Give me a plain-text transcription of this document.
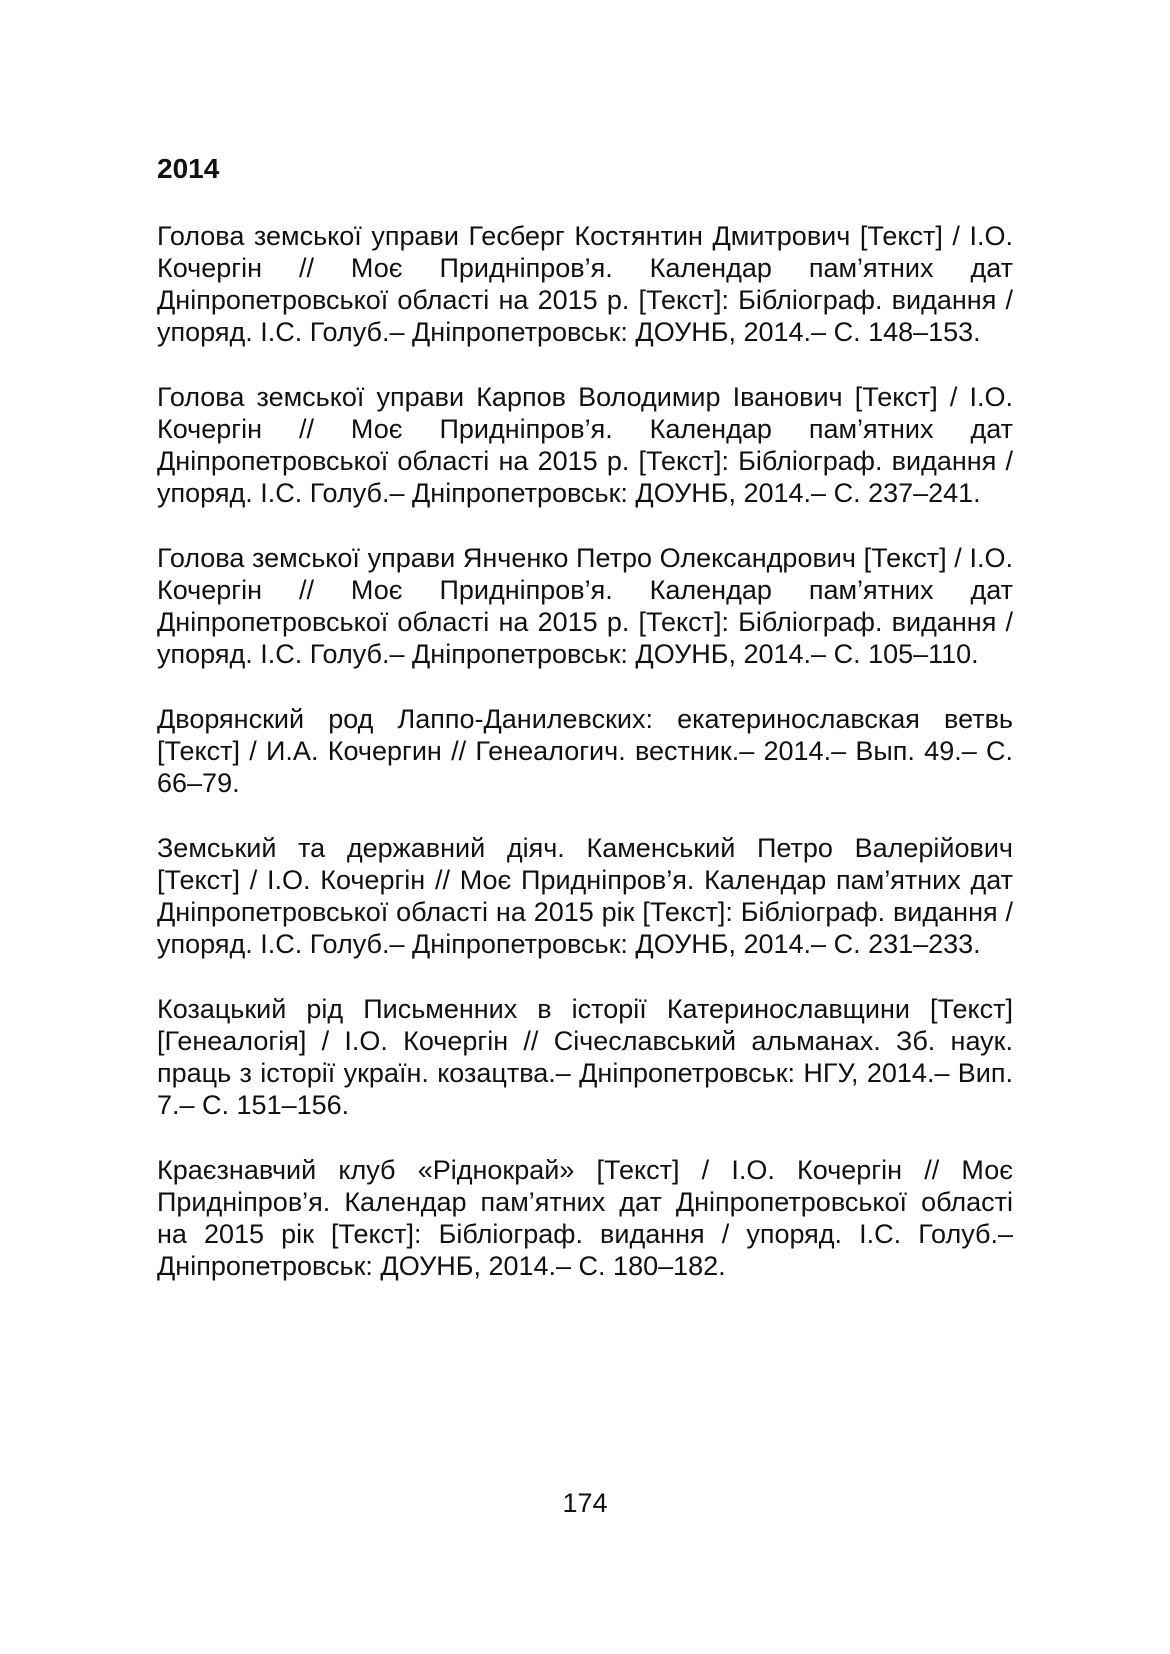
2014

Голова земської управи Гесберг Костянтин Дмитрович [Текст] / І.О. Кочергін // Моє Придніпров’я. Календар пам’ятних дат Дніпропетровської області на 2015 р. [Текст]: Бібліограф. видання / упоряд. І.С. Голуб.– Дніпропетровськ: ДОУНБ, 2014.– С. 148–153.

Голова земської управи Карпов Володимир Іванович [Текст] / І.О. Кочергін // Моє Придніпров’я. Календар пам’ятних дат Дніпропетровської області на 2015 р. [Текст]: Бібліограф. видання / упоряд. І.С. Голуб.– Дніпропетровськ: ДОУНБ, 2014.– С. 237–241.

Голова земської управи Янченко Петро Олександрович [Текст] / І.О. Кочергін // Моє Придніпров’я. Календар пам’ятних дат Дніпропетровської області на 2015 р. [Текст]: Бібліограф. видання / упоряд. І.С. Голуб.– Дніпропетровськ: ДОУНБ, 2014.– С. 105–110.

Дворянский род Лаппо-Данилевских: екатеринославская ветвь [Текст] / И.А. Кочергин // Генеалогич. вестник.– 2014.– Вып. 49.– С. 66–79.

Земський та державний діяч. Каменський Петро Валерійович [Текст] / І.О. Кочергін // Моє Придніпров’я. Календар пам’ятних дат Дніпропетровської області на 2015 рік [Текст]: Бібліограф. видання / упоряд. І.С. Голуб.– Дніпропетровськ: ДОУНБ, 2014.– С. 231–233.

Козацький рід Письменних в історії Катеринославщини [Текст] [Генеалогія] / І.О. Кочергін // Січеславський альманах. Зб. наук. праць з історії україн. козацтва.– Дніпропетровськ: НГУ, 2014.– Вип. 7.– С. 151–156.

Краєзнавчий клуб «Ріднокрай» [Текст] / І.О. Кочергін // Моє Придніпров’я. Календар пам’ятних дат Дніпропетровської області на 2015 рік [Текст]: Бібліограф. видання / упоряд. І.С. Голуб.– Дніпропетровськ: ДОУНБ, 2014.– С. 180–182.

174
